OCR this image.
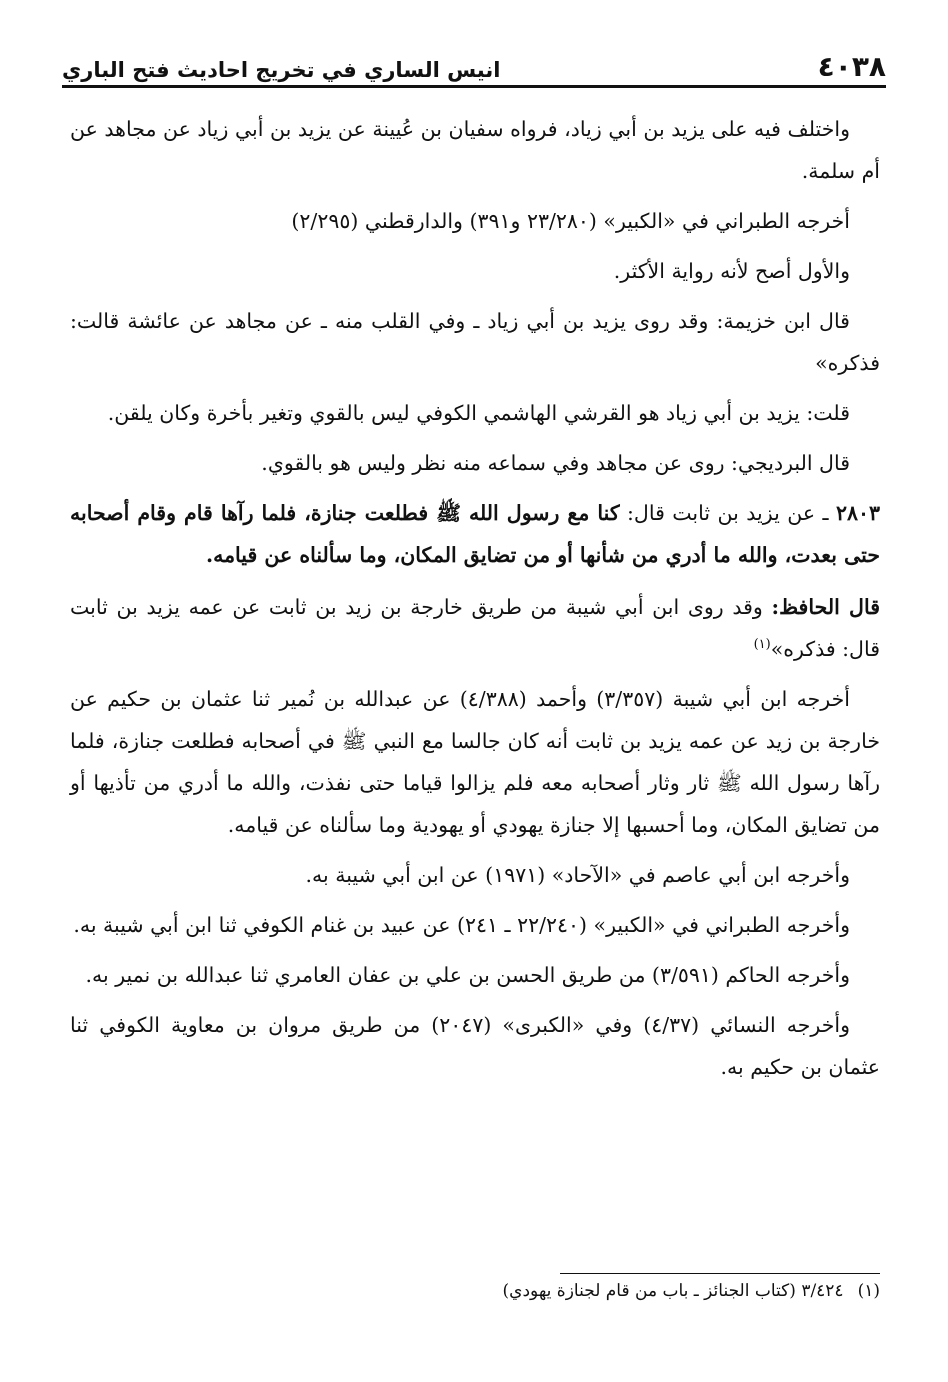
٤٠٣٨
انيس الساري في تخريج احاديث فتح الباري

واختلف فيه على يزيد بن أبي زياد، فرواه سفيان بن عُيينة عن يزيد بن أبي زياد عن مجاهد عن أم سلمة.

أخرجه الطبراني في «الكبير» (٢٣/٢٨٠ و٣٩١) والدارقطني (٢/٢٩٥)

والأول أصح لأنه رواية الأكثر.

قال ابن خزيمة: وقد روى يزيد بن أبي زياد ـ وفي القلب منه ـ عن مجاهد عن عائشة قالت: فذكره»

قلت: يزيد بن أبي زياد هو القرشي الهاشمي الكوفي ليس بالقوي وتغير بأخرة وكان يلقن.

قال البرديجي: روى عن مجاهد وفي سماعه منه نظر وليس هو بالقوي.

٢٨٠٣ ـ عن يزيد بن ثابت قال: كنا مع رسول الله ﷺ فطلعت جنازة، فلما رآها قام وقام أصحابه حتى بعدت، والله ما أدري من شأنها أو من تضايق المكان، وما سألناه عن قيامه.

قال الحافظ: وقد روى ابن أبي شيبة من طريق خارجة بن زيد بن ثابت عن عمه يزيد بن ثابت قال: فذكره»$^{(١)}$

أخرجه ابن أبي شيبة (٣/٣٥٧) وأحمد (٤/٣٨٨) عن عبدالله بن نُمير ثنا عثمان بن حكيم عن خارجة بن زيد عن عمه يزيد بن ثابت أنه كان جالسا مع النبي ﷺ في أصحابه فطلعت جنازة، فلما رآها رسول الله ﷺ ثار وثار أصحابه معه فلم يزالوا قياما حتى نفذت، والله ما أدري من تأذيها أو من تضايق المكان، وما أحسبها إلا جنازة يهودي أو يهودية وما سألناه عن قيامه.

وأخرجه ابن أبي عاصم في «الآحاد» (١٩٧١) عن ابن أبي شيبة به.

وأخرجه الطبراني في «الكبير» (٢٢/٢٤٠ ـ ٢٤١) عن عبيد بن غنام الكوفي ثنا ابن أبي شيبة به.

وأخرجه الحاكم (٣/٥٩١) من طريق الحسن بن علي بن عفان العامري ثنا عبدالله بن نمير به.

وأخرجه النسائي (٤/٣٧) وفي «الكبرى» (٢٠٤٧) من طريق مروان بن معاوية الكوفي ثنا عثمان بن حكيم به.

(١)٣/٤٢٤ (كتاب الجنائز ـ باب من قام لجنازة يهودي)
